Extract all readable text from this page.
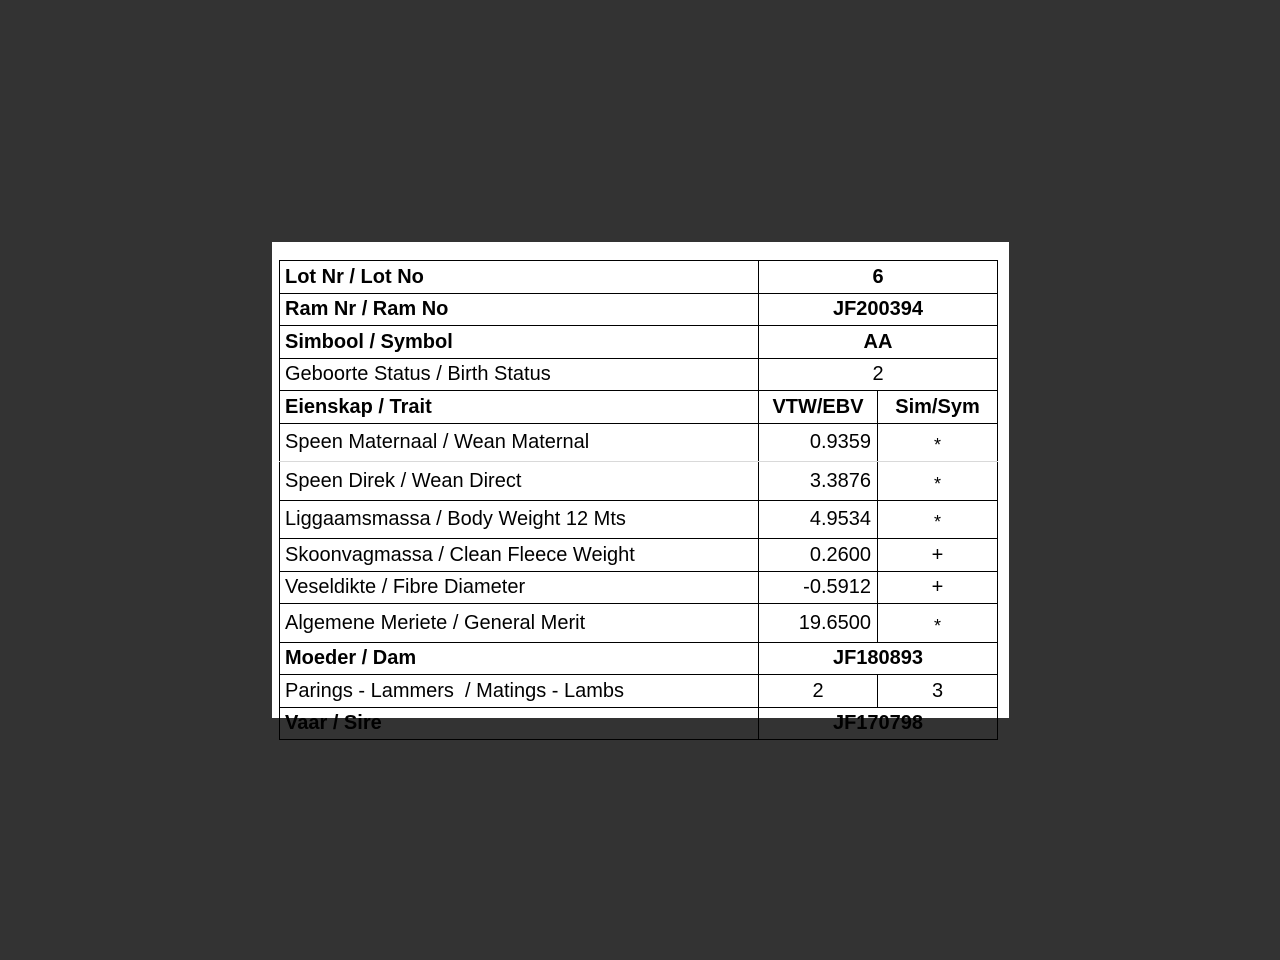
Lot Nr / Lot No	6	
Ram Nr / Ram No	JF200394	
Simbool / Symbol	AA	
Geboorte Status / Birth Status	2	
Eienskap / Trait	VTW/EBV	Sim/Sym
Speen Maternaal / Wean Maternal	0.9359	*
Speen Direk / Wean Direct	3.3876	*
Liggaamsmassa / Body Weight 12 Mts	4.9534	*
Skoonvagmassa / Clean Fleece Weight	0.2600	+
Veseldikte / Fibre Diameter	-0.5912	+
Algemene Meriete / General Merit	19.6500	*
Moeder / Dam	JF180893	
Parings - Lammers  / Matings - Lambs	2	3
Vaar / Sire	JF170798	
